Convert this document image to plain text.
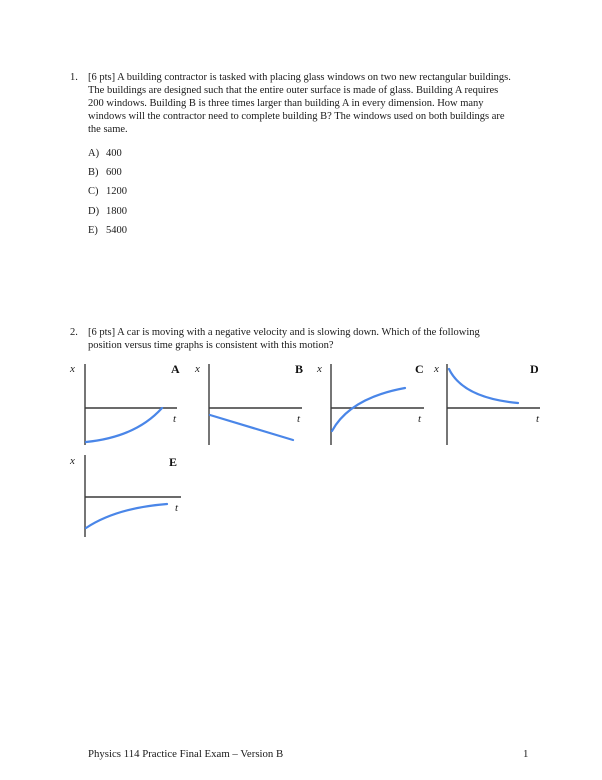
1. [6 pts] A building contractor is tasked with placing glass windows on two new rectangular buildings.
The buildings are designed such that the entire outer surface is made of glass. Building A requires
200 windows. Building B is three times larger than building A in every dimension. How many
windows will the contractor need to complete building B? The windows used on both buildings are
the same.
A) 400
B) 600
C) 1200
D) 1800
E) 5400
2. [6 pts] A car is moving with a negative velocity and is slowing down. Which of the following
position versus time graphs is consistent with this motion?
x
t
A x
t
B x
t
C x
t
D
x
t
E
Physics 114 Practice Final Exam – Version B	1
